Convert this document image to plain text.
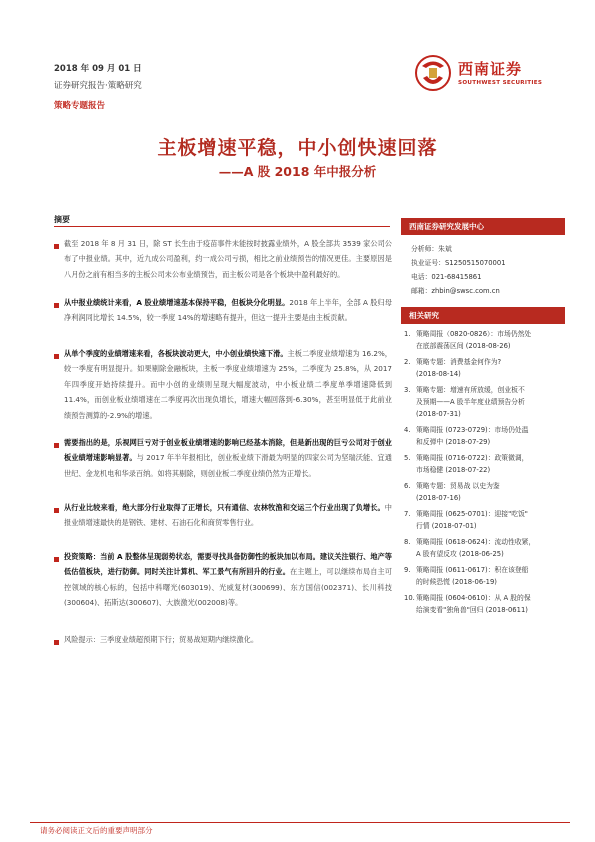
2018 年 09 月 01 日
证券研究报告·策略研究
策略专题报告
西南证券
SOUTHWEST SECURITIES
主板增速平稳，中小创快速回落
——A 股 2018 年中报分析
摘要
截至 2018 年 8 月 31 日，除 ST 长生由于疫苗事件未能按时披露业绩外，A 股全部共 3539 家公司公布了中报业绩。其中，近九成公司盈利，约一成公司亏损，相比之前业绩预告的情况更佳。主要原因是八月份之前有相当多的主板公司未公布业绩预告，而主板公司是各个板块中盈利最好的。
从中报业绩统计来看，A 股业绩增速基本保持平稳，但板块分化明显。2018 年上半年，全部 A 股归母净利润同比增长 14.5%，较一季度 14%的增速略有提升，但这一提升主要是由主板贡献。
从单个季度的业绩增速来看，各板块波动更大，中小创业绩快速下滑。主板二季度业绩增速为 16.2%，较一季度有明显提升。如果剔除金融板块，主板一季度业绩增速为 25%，二季度为 25.8%，从 2017 年四季度开始持续提升。而中小创的业绩则呈现大幅度波动，中小板业绩二季度单季增速降低到 11.4%，而创业板业绩增速在二季度再次出现负增长，增速大幅回落到-6.30%，甚至明显低于此前业绩预告测算的-2.9%的增速。
需要指出的是，乐视网巨亏对于创业板业绩增速的影响已经基本消除，但是新出现的巨亏公司对于创业板业绩增速影响显著。与 2017 年半年报相比，创业板业绩下滑最为明显的四家公司为坚瑞沃能、宜通世纪、金龙机电和华录百纳。如将其剔除，则创业板二季度业绩仍然为正增长。
从行业比较来看，绝大部分行业取得了正增长，只有通信、农林牧渔和交运三个行业出现了负增长。中报业绩增速最快的是钢铁、建材、石油石化和商贸零售行业。
投资策略：当前 A 股整体呈现弱势状态，需要寻找具备防御性的板块加以布局。建议关注银行、地产等低估值板块，进行防御。同时关注计算机、军工景气有所回升的行业。在主题上，可以继续布局自主可控领域的核心标的，包括中科曙光(603019)、光威复材(300699)、东方国信(002371)、长川科技(300604)、拓斯达(300607)、大族激光(002008)等。
风险提示：三季度业绩超预期下行；贸易战短期内继续激化。
西南证券研究发展中心
分析师：朱斌
执业证号：S1250515070001
电话：021-68415861
邮箱：zhbin@swsc.com.cn
相关研究
1. 策略周报（0820-0826）：市场仍然处
在底部震荡区间 (2018-08-26)
2. 策略专题：消费基金何作为?
(2018-08-14)
3. 策略专题：增速有所放缓，创业板不
及预期——A 股半年度业绩预告分析
(2018-07-31)
4. 策略周报 (0723-0729)：市场仍处温
和反弹中 (2018-07-29)
5. 策略周报 (0716-0722)：政策微调，
市场稳健 (2018-07-22)
6. 策略专题：贸易战 以史为鉴
(2018-07-16)
7. 策略周报 (0625-0701)：迎接"吃饭"
行情 (2018-07-01)
8. 策略周报 (0618-0624)：流动性收紧，
A 股有望反攻 (2018-06-25)
9. 策略周报 (0611-0617)：积在该登船
的时候恐慌 (2018-06-19)
10.策略周报 (0604-0610)：从 A 股的保
给演变看"独角兽"回归 (2018-0611)
请务必阅读正文后的重要声明部分
